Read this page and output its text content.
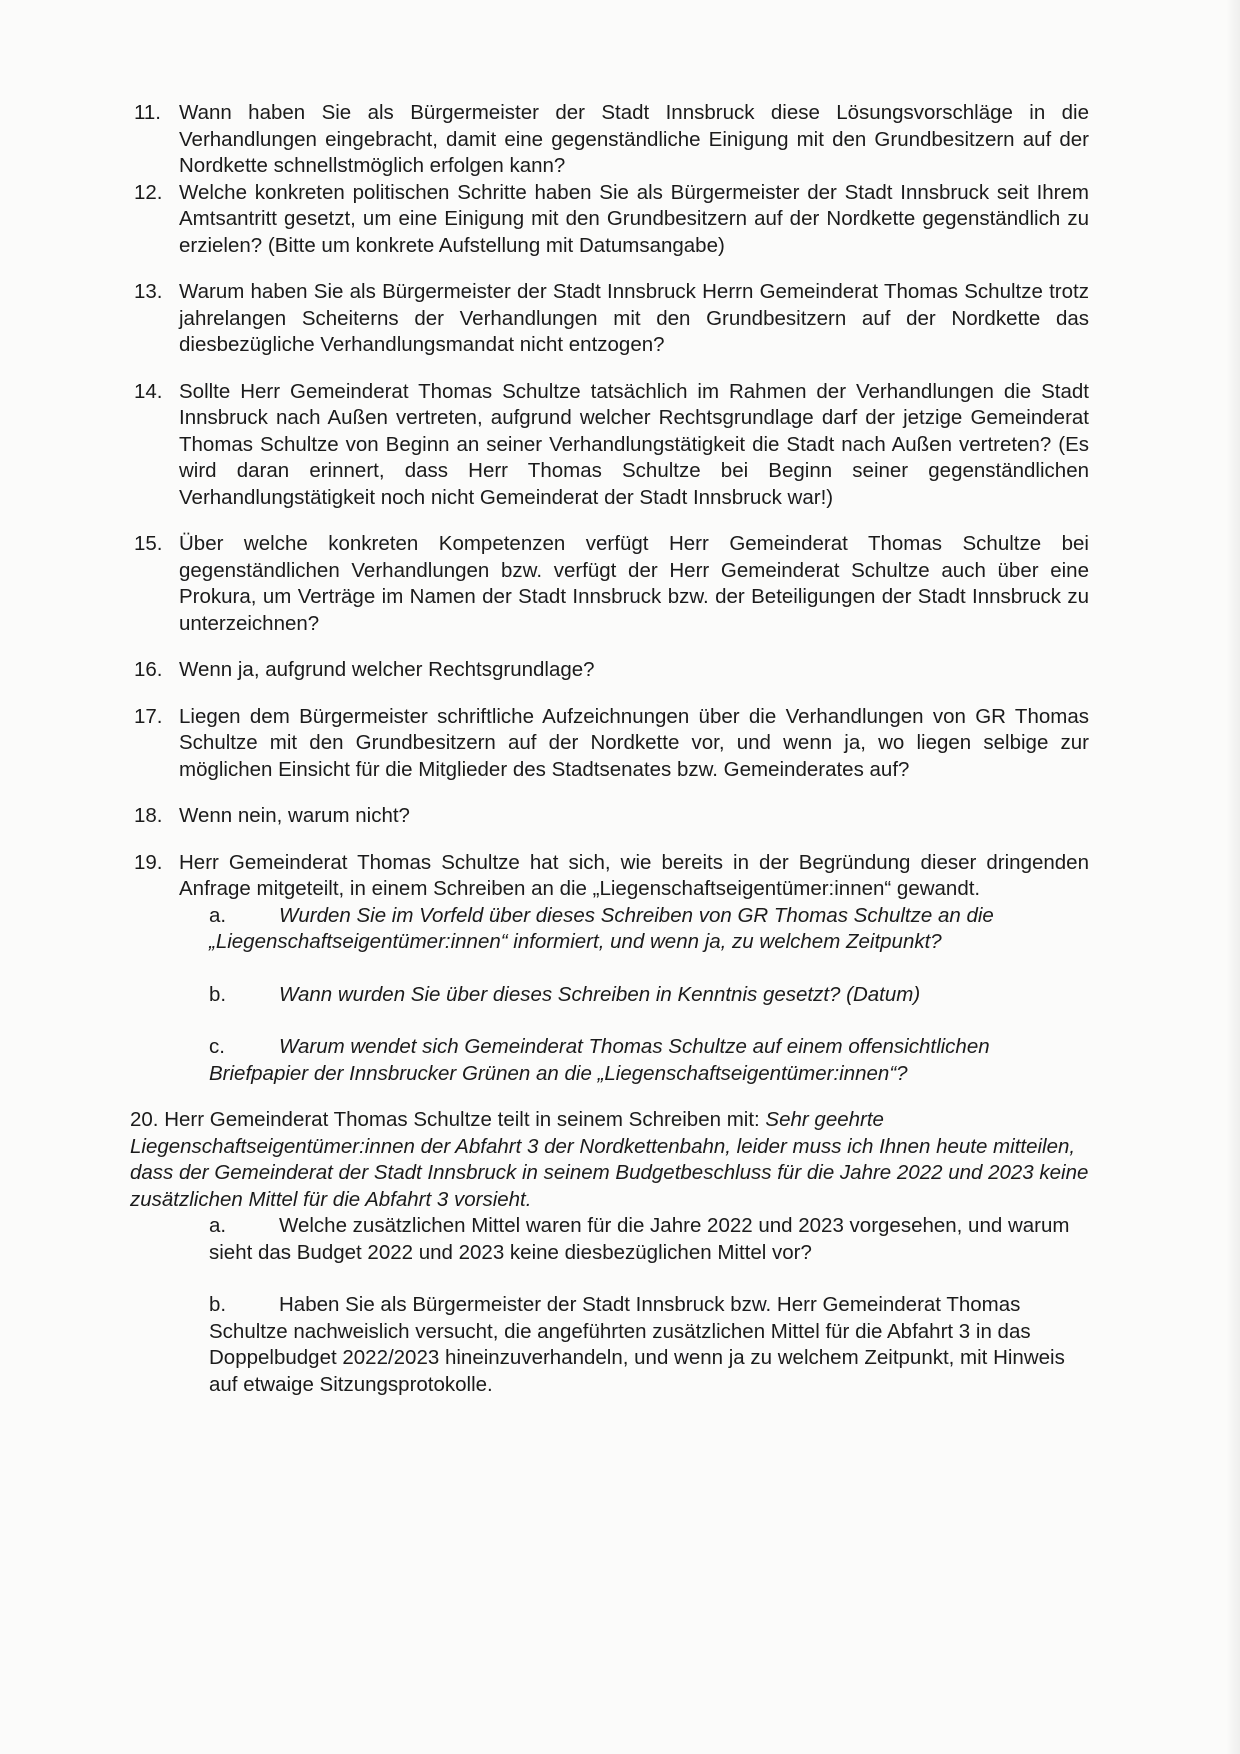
11. Wann haben Sie als Bürgermeister der Stadt Innsbruck diese Lösungsvorschläge in die Verhandlungen eingebracht, damit eine gegenständliche Einigung mit den Grundbesitzern auf der Nordkette schnellstmöglich erfolgen kann?
12. Welche konkreten politischen Schritte haben Sie als Bürgermeister der Stadt Innsbruck seit Ihrem Amtsantritt gesetzt, um eine Einigung mit den Grundbesitzern auf der Nordkette gegenständlich zu erzielen? (Bitte um konkrete Aufstellung mit Datumsangabe)
13. Warum haben Sie als Bürgermeister der Stadt Innsbruck Herrn Gemeinderat Thomas Schultze trotz jahrelangen Scheiterns der Verhandlungen mit den Grundbesitzern auf der Nordkette das diesbezügliche Verhandlungsmandat nicht entzogen?
14. Sollte Herr Gemeinderat Thomas Schultze tatsächlich im Rahmen der Verhandlungen die Stadt Innsbruck nach Außen vertreten, aufgrund welcher Rechtsgrundlage darf der jetzige Gemeinderat Thomas Schultze von Beginn an seiner Verhandlungstätigkeit die Stadt nach Außen vertreten? (Es wird daran erinnert, dass Herr Thomas Schultze bei Beginn seiner gegenständlichen Verhandlungstätigkeit noch nicht Gemeinderat der Stadt Innsbruck war!)
15. Über welche konkreten Kompetenzen verfügt Herr Gemeinderat Thomas Schultze bei gegenständlichen Verhandlungen bzw. verfügt der Herr Gemeinderat Schultze auch über eine Prokura, um Verträge im Namen der Stadt Innsbruck bzw. der Beteiligungen der Stadt Innsbruck zu unterzeichnen?
16. Wenn ja, aufgrund welcher Rechtsgrundlage?
17. Liegen dem Bürgermeister schriftliche Aufzeichnungen über die Verhandlungen von GR Thomas Schultze mit den Grundbesitzern auf der Nordkette vor, und wenn ja, wo liegen selbige zur möglichen Einsicht für die Mitglieder des Stadtsenates bzw. Gemeinderates auf?
18. Wenn nein, warum nicht?
19. Herr Gemeinderat Thomas Schultze hat sich, wie bereits in der Begründung dieser dringenden Anfrage mitgeteilt, in einem Schreiben an die „Liegenschaftseigentümer:innen“ gewandt.
a.	Wurden Sie im Vorfeld über dieses Schreiben von GR Thomas Schultze an die „Liegenschaftseigentümer:innen“ informiert, und wenn ja, zu welchem Zeitpunkt?
b.	Wann wurden Sie über dieses Schreiben in Kenntnis gesetzt? (Datum)
c.	Warum wendet sich Gemeinderat Thomas Schultze auf einem offensichtlichen Briefpapier der Innsbrucker Grünen an die „Liegenschaftseigentümer:innen“?
20. Herr Gemeinderat Thomas Schultze teilt in seinem Schreiben mit: Sehr geehrte Liegenschaftseigentümer:innen der Abfahrt 3 der Nordkettenbahn, leider muss ich Ihnen heute mitteilen, dass der Gemeinderat der Stadt Innsbruck in seinem Budgetbeschluss für die Jahre 2022 und 2023 keine zusätzlichen Mittel für die Abfahrt 3 vorsieht.
a.	Welche zusätzlichen Mittel waren für die Jahre 2022 und 2023 vorgesehen, und warum sieht das Budget 2022 und 2023 keine diesbezüglichen Mittel vor?
b.	Haben Sie als Bürgermeister der Stadt Innsbruck bzw. Herr Gemeinderat Thomas Schultze nachweislich versucht, die angeführten zusätzlichen Mittel für die Abfahrt 3 in das Doppelbudget 2022/2023 hineinzuverhandeln, und wenn ja zu welchem Zeitpunkt, mit Hinweis auf etwaige Sitzungsprotokolle.
